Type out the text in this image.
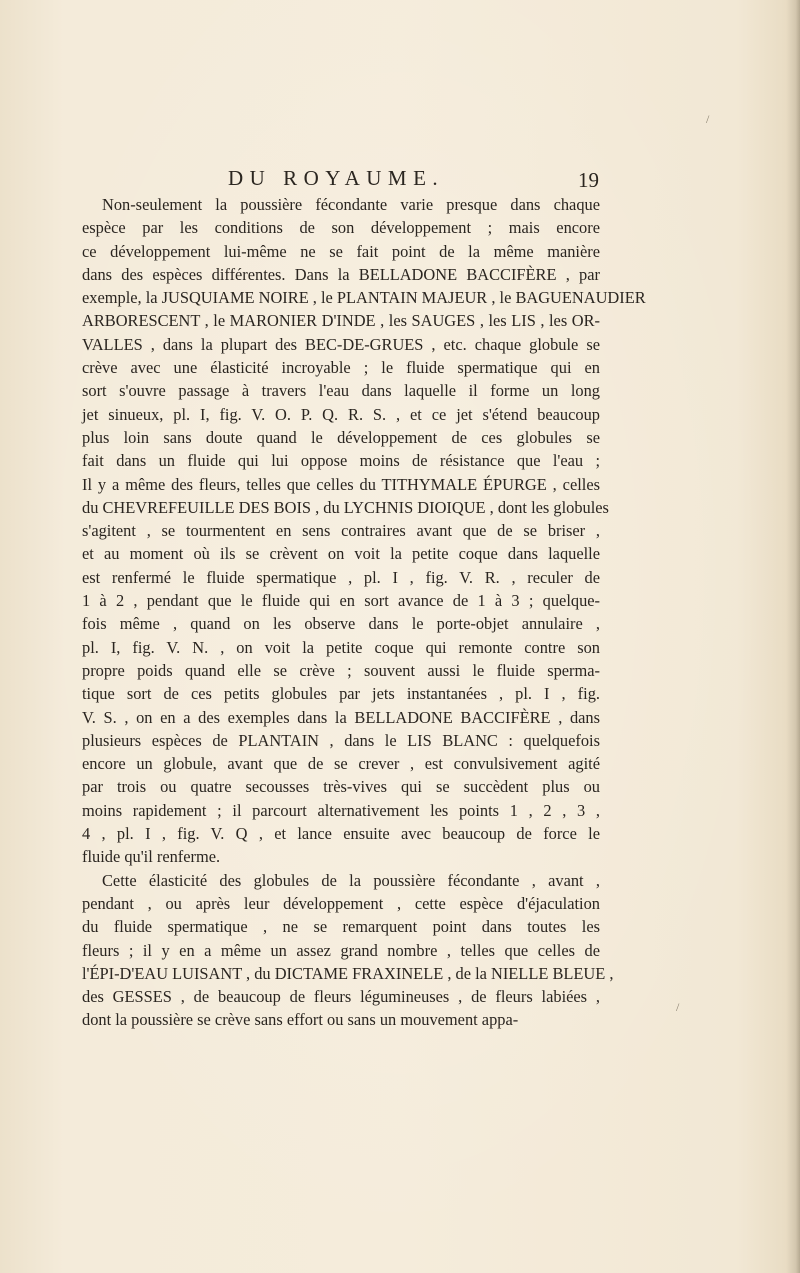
DU ROYAUME.	19
Non-seulement la poussière fécondante varie presque dans chaque
espèce par les conditions de son développement ; mais encore
ce développement lui-même ne se fait point de la même manière
dans des espèces différentes. Dans la BELLADONE BACCIFÈRE , par
exemple, la JUSQUIAME NOIRE , le PLANTAIN MAJEUR , le BAGUENAUDIER
ARBORESCENT , le MARONIER D'INDE , les SAUGES , les LIS , les OR-
VALLES , dans la plupart des BEC-DE-GRUES , etc. chaque globule se
crève avec une élasticité incroyable ; le fluide spermatique qui en
sort s'ouvre passage à travers l'eau dans laquelle il forme un long
jet sinueux, pl. I, fig. V. O. P. Q. R. S. , et ce jet s'étend beaucoup
plus loin sans doute quand le développement de ces globules se
fait dans un fluide qui lui oppose moins de résistance que l'eau ;
Il y a même des fleurs, telles que celles du TITHYMALE ÉPURGE , celles
du CHEVREFEUILLE DES BOIS , du LYCHNIS DIOIQUE , dont les globules
s'agitent , se tourmentent en sens contraires avant que de se briser ,
et au moment où ils se crèvent on voit la petite coque dans laquelle
est renfermé le fluide spermatique , pl. I , fig. V. R. , reculer de
1 à 2 , pendant que le fluide qui en sort avance de 1 à 3 ; quelque-
fois même , quand on les observe dans le porte-objet annulaire ,
pl. I, fig. V. N. , on voit la petite coque qui remonte contre son
propre poids quand elle se crève ; souvent aussi le fluide sperma-
tique sort de ces petits globules par jets instantanées , pl. I , fig.
V. S. , on en a des exemples dans la BELLADONE BACCIFÈRE , dans
plusieurs espèces de PLANTAIN , dans le LIS BLANC : quelquefois
encore un globule, avant que de se crever , est convulsivement agité
par trois ou quatre secousses très-vives qui se succèdent plus ou
moins rapidement ; il parcourt alternativement les points 1 , 2 , 3 ,
4 , pl. I , fig. V. Q , et lance ensuite avec beaucoup de force le
fluide qu'il renferme.
Cette élasticité des globules de la poussière fécondante , avant ,
pendant , ou après leur développement , cette espèce d'éjaculation
du fluide spermatique , ne se remarquent point dans toutes les
fleurs ; il y en a même un assez grand nombre , telles que celles de
l'ÉPI-D'EAU LUISANT , du DICTAME FRAXINELE , de la NIELLE BLEUE ,
des GESSES , de beaucoup de fleurs légumineuses , de fleurs labiées ,
dont la poussière se crève sans effort ou sans un mouvement appa-
/
/
